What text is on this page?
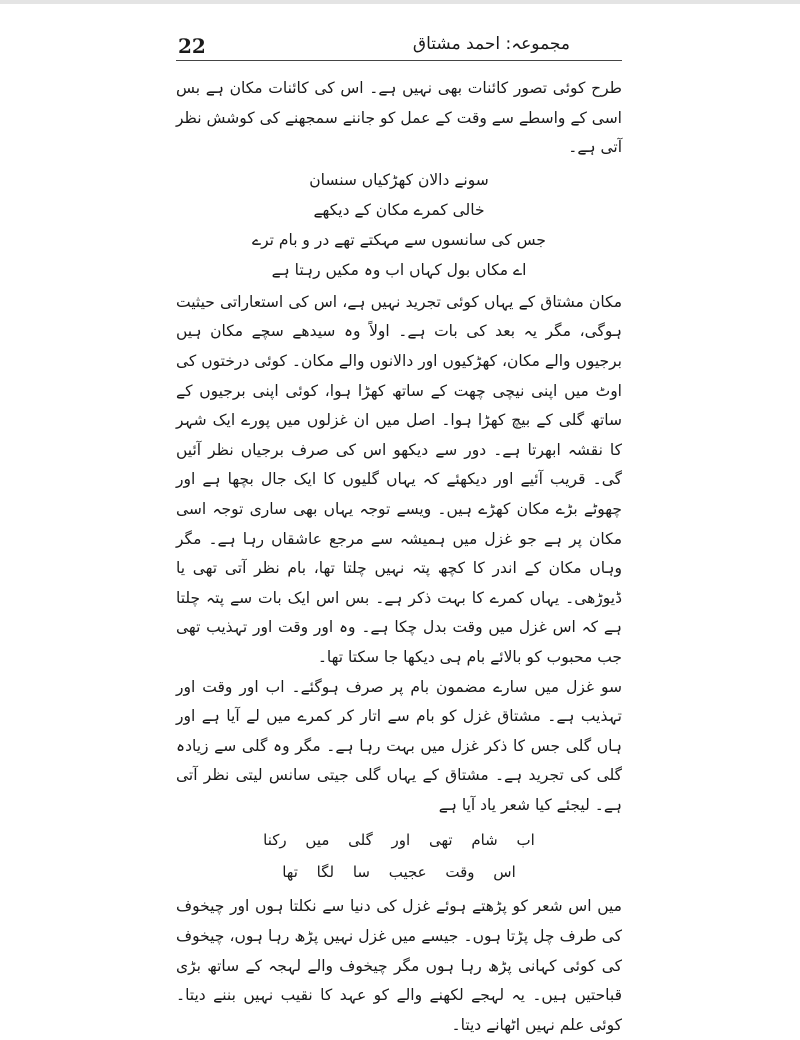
22	مجموعہ: احمد مشتاق

طرح کوئی تصور کائنات بھی نہیں ہے۔ اس کی کائنات مکان ہے بس اسی کے واسطے سے وقت کے عمل کو جاننے سمجھنے کی کوشش نظر آتی ہے۔

سونے دالان کھڑکیاں سنسان

خالی کمرے مکان کے دیکھے

جس کی سانسوں سے مہکتے تھے در و بام ترے

اے مکاں بول کہاں اب وہ مکیں رہتا ہے

مکان مشتاق کے یہاں کوئی تجرید نہیں ہے، اس کی استعاراتی حیثیت ہوگی، مگر یہ بعد کی بات ہے۔ اولاً وہ سیدھے سچے مکان ہیں برجیوں والے مکان، کھڑکیوں اور دالانوں والے مکان۔ کوئی درختوں کی اوٹ میں اپنی نیچی چھت کے ساتھ کھڑا ہوا، کوئی اپنی برجیوں کے ساتھ گلی کے بیچ کھڑا ہوا۔ اصل میں ان غزلوں میں پورے ایک شہر کا نقشہ ابھرتا ہے۔ دور سے دیکھو اس کی صرف برجیاں نظر آئیں گی۔ قریب آئیے اور دیکھئے کہ یہاں گلیوں کا ایک جال بچھا ہے اور چھوٹے بڑے مکان کھڑے ہیں۔ ویسے توجہ یہاں بھی ساری توجہ اسی مکان پر ہے جو غزل میں ہمیشہ سے مرجع عاشقاں رہا ہے۔ مگر وہاں مکان کے اندر کا کچھ پتہ نہیں چلتا تھا، بام نظر آتی تھی یا ڈیوڑھی۔ یہاں کمرے کا بہت ذکر ہے۔ بس اس ایک بات سے پتہ چلتا ہے کہ اس غزل میں وقت بدل چکا ہے۔ وہ اور وقت اور تہذیب تھی جب محبوب کو بالائے بام ہی دیکھا جا سکتا تھا۔

سو غزل میں سارے مضمون بام پر صرف ہوگئے۔ اب اور وقت اور تہذیب ہے۔ مشتاق غزل کو بام سے اتار کر کمرے میں لے آیا ہے اور ہاں گلی جس کا ذکر غزل میں بہت رہا ہے۔ مگر وہ گلی سے زیادہ گلی کی تجرید ہے۔ مشتاق کے یہاں گلی جیتی سانس لیتی نظر آتی ہے۔ لیجئے کیا شعر یاد آیا ہے

اب شام تھی اور گلی میں رکنا

اس وقت عجیب سا لگا تھا

میں اس شعر کو پڑھتے ہوئے غزل کی دنیا سے نکلتا ہوں اور چیخوف کی طرف چل پڑتا ہوں۔ جیسے میں غزل نہیں پڑھ رہا ہوں، چیخوف کی کوئی کہانی پڑھ رہا ہوں مگر چیخوف والے لہجہ کے ساتھ بڑی قباحتیں ہیں۔ یہ لہجے لکھنے والے کو عہد کا نقیب نہیں بننے دیتا۔ کوئی علم نہیں اٹھانے دیتا۔
